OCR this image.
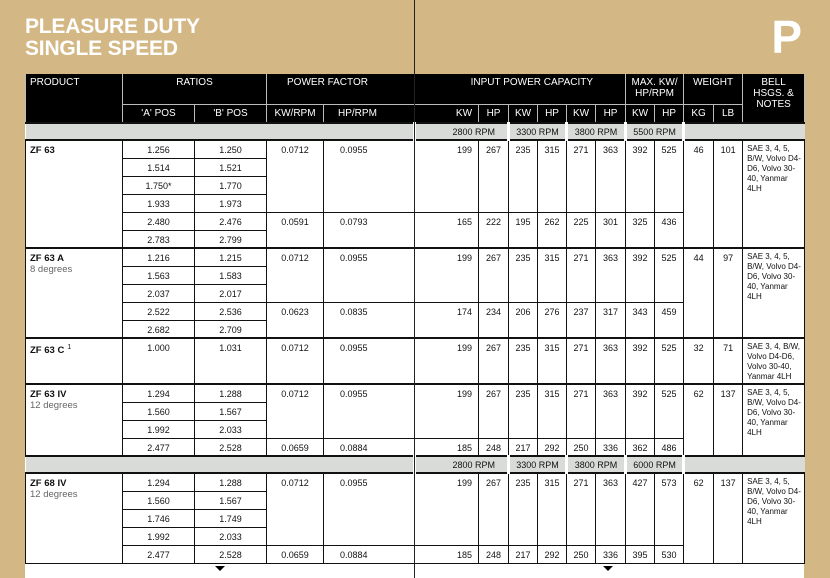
PLEASURE DUTY
SINGLE SPEED	P
PRODUCT	RATIOS		POWER FACTOR		INPUT POWER CAPACITY						MAX. KW/ HP/RPM		WEIGHT		BELL HSGS. & NOTES
	'A' POS	'B' POS	KW/RPM	HP/RPM	KW	HP	KW	HP	KW	HP	KW	HP	KG	LB	
					2800 RPM		3300 RPM		3800 RPM		5500 RPM				
ZF 63	1.256	1.250	0.0712	0.0955	199	267	235	315	271	363	392	525	46	101	SAE 3, 4, 5, B/W, Volvo D4-D6, Volvo 30-40, Yanmar 4LH
	1.514	1.521													
	1.750*	1.770													
	1.933	1.973													
	2.480	2.476	0.0591	0.0793	165	222	195	262	225	301	325	436			
	2.783	2.799													
ZF 63 A
8 degrees	1.216	1.215	0.0712	0.0955	199	267	235	315	271	363	392	525	44	97	SAE 3, 4, 5, B/W, Volvo D4-D6, Volvo 30-40, Yanmar 4LH
	1.563	1.583													
	2.037	2.017													
	2.522	2.536	0.0623	0.0835	174	234	206	276	237	317	343	459			
	2.682	2.709													
ZF 63 C $^1$	1.000	1.031	0.0712	0.0955	199	267	235	315	271	363	392	525	32	71	SAE 3, 4, B/W, Volvo D4-D6, Volvo 30-40, Yanmar 4LH
ZF 63 IV
12 degrees	1.294	1.288	0.0712	0.0955	199	267	235	315	271	363	392	525	62	137	SAE 3, 4, 5, B/W, Volvo D4-D6, Volvo 30-40, Yanmar 4LH
	1.560	1.567													
	1.992	2.033													
	2.477	2.528	0.0659	0.0884	185	248	217	292	250	336	362	486			
					2800 RPM		3300 RPM		3800 RPM		6000 RPM				
ZF 68 IV
12 degrees	1.294	1.288	0.0712	0.0955	199	267	235	315	271	363	427	573	62	137	SAE 3, 4, 5, B/W, Volvo D4-D6, Volvo 30-40, Yanmar 4LH
	1.560	1.567													
	1.746	1.749													
	1.992	2.033													
	2.477	2.528	0.0659	0.0884	185	248	217	292	250	336	395	530			
